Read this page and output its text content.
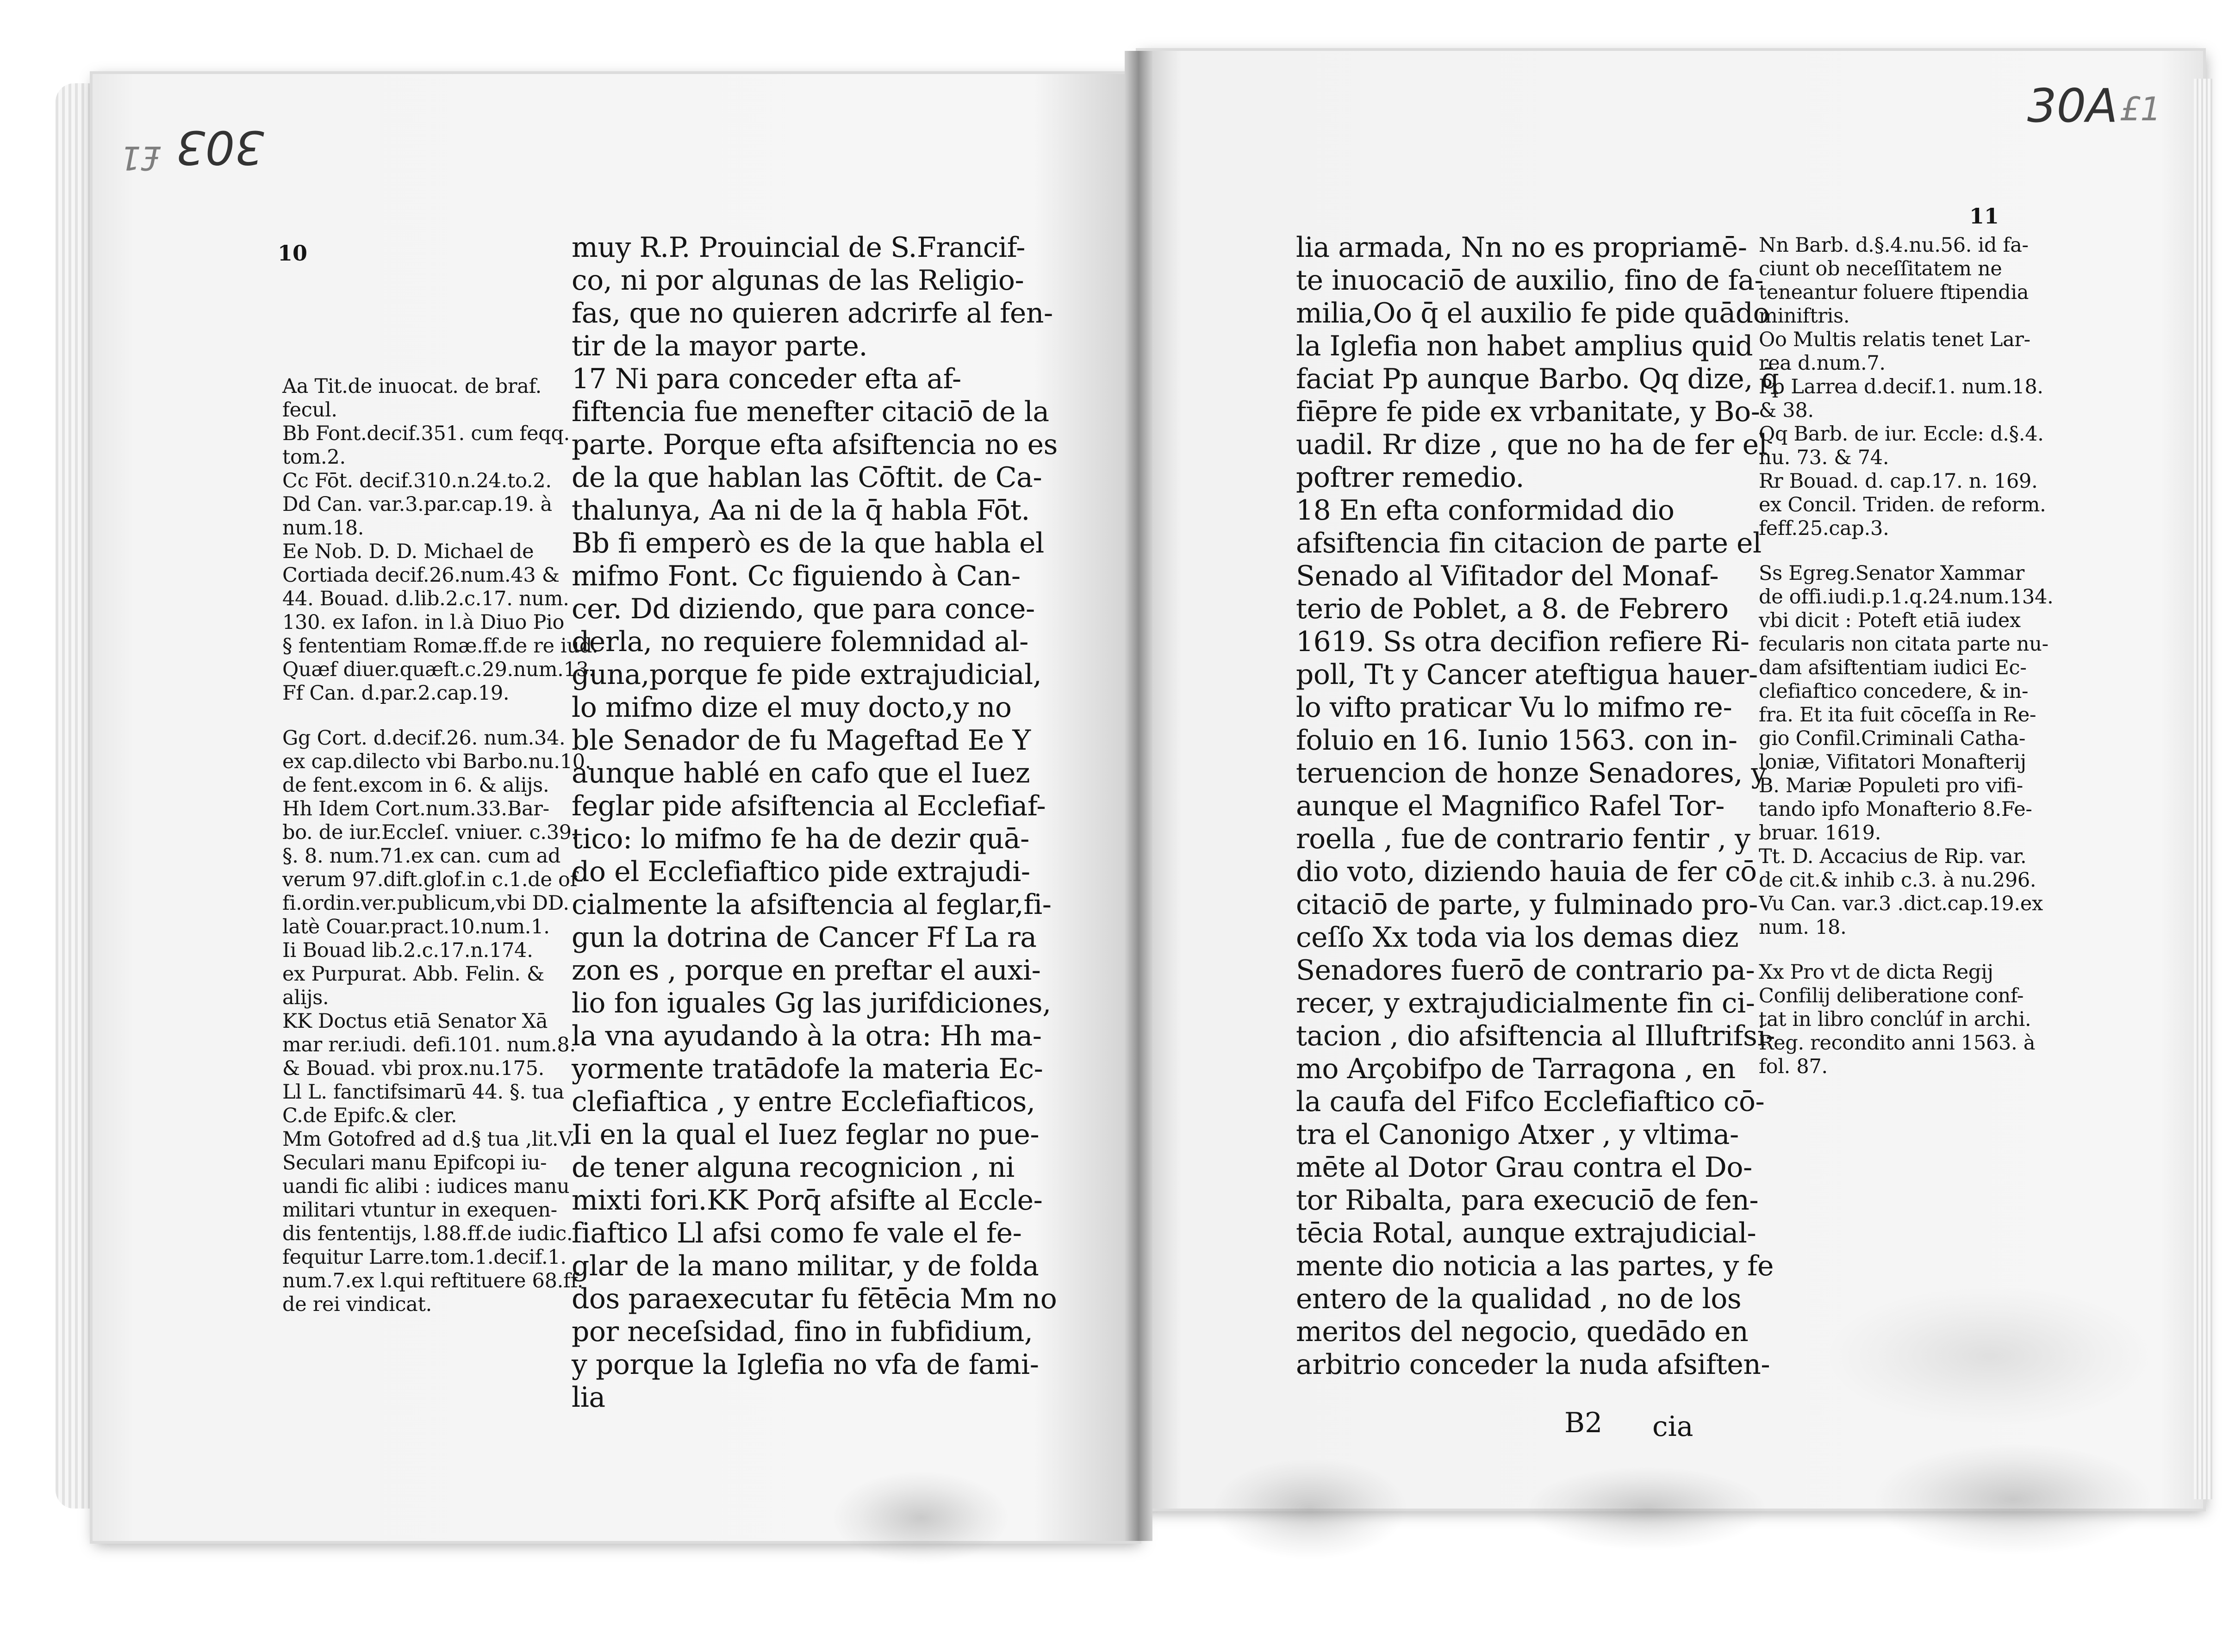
303
£1
30A £1
10

Aa Tit.de inuocat. de braf.

fecul.

Bb Font.decif.351. cum feqq.

tom.2.

Cc Fōt. decif.310.n.24.to.2.

Dd Can. var.3.par.cap.19. à

num.18.

Ee Nob. D. D. Michael de

Cortiada decif.26.num.43 &

44. Bouad. d.lib.2.c.17. num.

130. ex Iafon. in l.à Diuo Pio

§ fententiam Romæ.ff.de re iud.

Quæf diuer.quæft.c.29.num.13.

Ff Can. d.par.2.cap.19.

Gg Cort. d.decif.26. num.34.

ex cap.dilecto vbi Barbo.nu.10.

de fent.excom in 6. & alijs.

Hh Idem Cort.num.33.Bar-

bo. de iur.Eccleſ. vniuer. c.39.

§. 8. num.71.ex can. cum ad

verum 97.dift.glof.in c.1.de of-

fi.ordin.ver.publicum,vbi DD.

latè Couar.pract.10.num.1.

Ii Bouad lib.2.c.17.n.174.

ex Purpurat. Abb. Felin. &

alijs.

KK Doctus etiā Senator Xā

mar rer.iudi. defi.101. num.8.

& Bouad. vbi prox.nu.175.

Ll L. fanctifsimarū 44. §. tua

C.de Epifc.& cler.

Mm Gotofred ad d.§ tua ,lit.V.

Seculari manu Epifcopi iu-

uandi fic alibi : iudices manu

militari vtuntur in exequen-

dis fententijs, l.88.ff.de iudic.

fequitur Larre.tom.1.decif.1.

num.7.ex l.qui reftituere 68.ff.

de rei vindicat.

muy R.P. Prouincial de S.Francif-

co, ni por algunas de las Religio-

fas, que no quieren adcrirfe al fen-

tir de la mayor parte.

17 Ni para conceder efta af-

fiftencia fue menefter citaciō de la

parte. Porque efta afsiftencia no es

de la que hablan las Cōftit. de Ca-

thalunya, Aa ni de la q̄ habla Fōt.

Bb fi emperò es de la que habla el

mifmo Font. Cc figuiendo à Can-

cer. Dd diziendo, que para conce-

derla, no requiere folemnidad al-

guna,porque fe pide extrajudicial,

lo mifmo dize el muy docto,y no

ble Senador de fu Mageftad Ee Y

aunque hablé en cafo que el Iuez

feglar pide afsiftencia al Ecclefiaf-

tico: lo mifmo fe ha de dezir quā-

do el Ecclefiaftico pide extrajudi-

cialmente la afsiftencia al feglar,fi-

gun la dotrina de Cancer Ff La ra

zon es , porque en preftar el auxi-

lio fon iguales Gg las jurifdiciones,

la vna ayudando à la otra: Hh ma-

yormente tratādofe la materia Ec-

clefiaftica , y entre Ecclefiafticos,

Ii en la qual el Iuez feglar no pue-

de tener alguna recognicion , ni

mixti fori.KK Porq̄ afsifte al Eccle-

fiaftico Ll afsi como fe vale el fe-

glar de la mano militar, y de folda

dos paraexecutar fu fētēcia Mm no

por neceſsidad, fino in fubfidium,

y porque la Iglefia no vfa de fami-

lia

11

lia armada, Nn no es propriamē-

te inuocaciō de auxilio, fino de fa-

milia,Oo q̄ el auxilio fe pide quādo

la Iglefia non habet amplius quid

faciat Pp aunque Barbo. Qq dize, q̄

fiēpre fe pide ex vrbanitate, y Bo-

uadil. Rr dize , que no ha de fer el

poftrer remedio.

18 En efta conformidad dio

afsiftencia fin citacion de parte el

Senado al Vifitador del Monaf-

terio de Poblet, a 8. de Febrero

1619. Ss otra decifion refiere Ri-

poll, Tt y Cancer ateftigua hauer-

lo vifto praticar Vu lo mifmo re-

foluio en 16. Iunio 1563. con in-

teruencion de honze Senadores, y

aunque el Magnifico Rafel Tor-

roella , fue de contrario fentir , y

dio voto, diziendo hauia de fer cō

citaciō de parte, y fulminado pro-

ceſſo Xx toda via los demas diez

Senadores fuerō de contrario pa-

recer, y extrajudicialmente fin ci-

tacion , dio afsiftencia al Illuftrifsi-

mo Arçobifpo de Tarragona , en

la caufa del Fifco Ecclefiaftico cō-

tra el Canonigo Atxer , y vltima-

mēte al Dotor Grau contra el Do-

tor Ribalta, para execuciō de fen-

tēcia Rotal, aunque extrajudicial-

mente dio noticia a las partes, y fe

entero de la qualidad , no de los

meritos del negocio, quedādo en

arbitrio conceder la nuda afsiften-

Nn Barb. d.§.4.nu.56. id fa-

ciunt ob neceſſitatem ne

teneantur foluere ftipendia

miniftris.

Oo Multis relatis tenet Lar-

rea d.num.7.

Pp Larrea d.decif.1. num.18.

& 38.

Qq Barb. de iur. Eccle: d.§.4.

nu. 73. & 74.

Rr Bouad. d. cap.17. n. 169.

ex Concil. Triden. de reform.

feff.25.cap.3.

Ss Egreg.Senator Xammar

de offi.iudi.p.1.q.24.num.134.

vbi dicit : Poteft etiā iudex

fecularis non citata parte nu-

dam afsiftentiam iudici Ec-

clefiaftico concedere, & in-

fra. Et ita fuit cōceſſa in Re-

gio Confil.Criminali Catha-

loniæ, Vifitatori Monafterij

B. Mariæ Populeti pro vifi-

tando ipfo Monafterio 8.Fe-

bruar. 1619.

Tt. D. Accacius de Rip. var.

de cit.& inhib c.3. à nu.296.

Vu Can. var.3 .dict.cap.19.ex

num. 18.

Xx Pro vt de dicta Regij

Confilij deliberatione conf-

tat in libro conclúf in archi.

Reg. recondito anni 1563. à

fol. 87.

B2 cia
